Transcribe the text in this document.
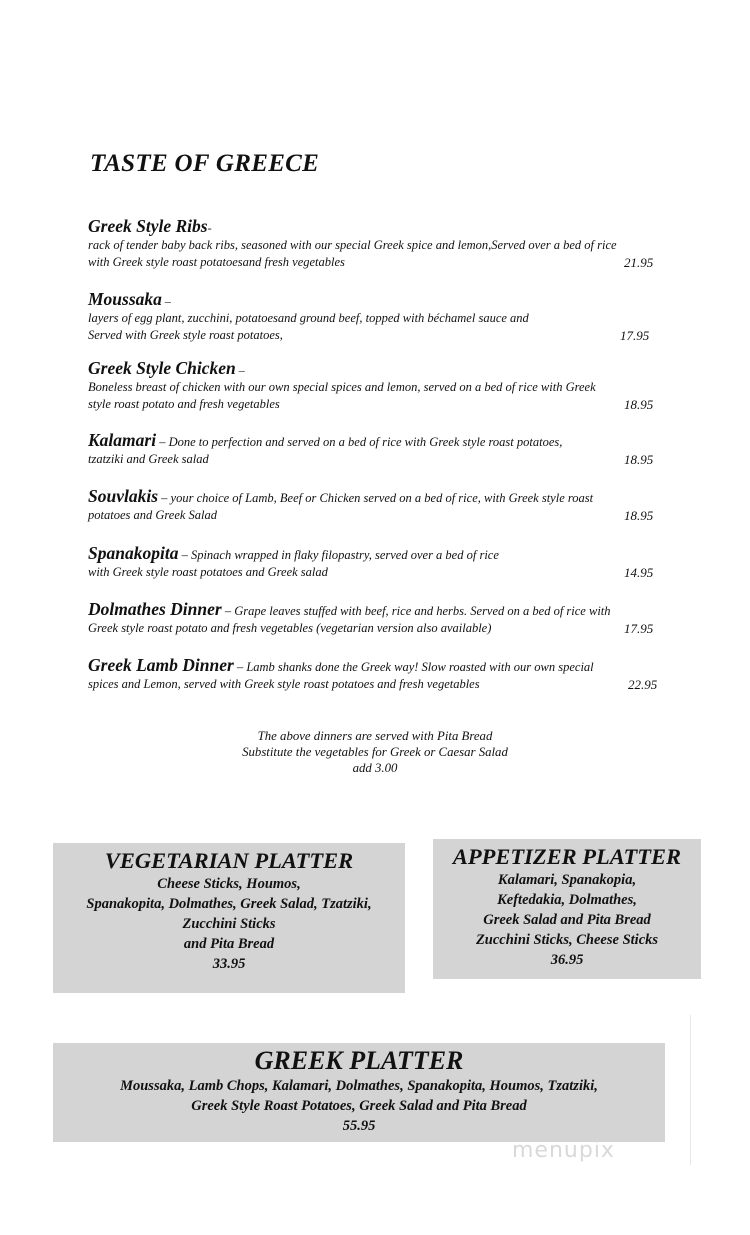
TASTE OF GREECE
Greek Style Ribs-
rack of tender baby back ribs, seasoned with our special Greek spice and lemon,Served over a bed of rice
with Greek style roast potatoesand fresh vegetables	21.95
Moussaka –
layers of egg plant, zucchini, potatoesand ground beef, topped with béchamel sauce and
Served with Greek style roast potatoes,	17.95
Greek Style Chicken –
Boneless breast of chicken with our own special spices and lemon, served on a bed of rice with Greek
style roast potato and fresh vegetables	18.95
Kalamari – Done to perfection and served on a bed of rice with Greek style roast potatoes,
tzatziki and Greek salad	18.95
Souvlakis – your choice of Lamb, Beef or Chicken served on a bed of rice, with Greek style roast
potatoes and Greek Salad	18.95
Spanakopita – Spinach wrapped in flaky filopastry, served over a bed of rice
with Greek style roast potatoes and Greek salad	14.95
Dolmathes Dinner – Grape leaves stuffed with beef, rice and herbs. Served on a bed of rice with
Greek style roast potato and fresh vegetables (vegetarian version also available)	17.95
Greek Lamb Dinner – Lamb shanks done the Greek way! Slow roasted with our own special
spices and Lemon, served with Greek style roast potatoes and fresh vegetables	22.95
The above dinners are served with Pita Bread
Substitute the vegetables for Greek or Caesar Salad
add 3.00
VEGETARIAN PLATTER
Cheese Sticks, Houmos,
Spanakopita, Dolmathes, Greek Salad, Tzatziki,
Zucchini Sticks
and Pita Bread
33.95
APPETIZER PLATTER
Kalamari, Spanakopia,
Keftedakia, Dolmathes,
Greek Salad and Pita Bread
Zucchini Sticks, Cheese Sticks
36.95
GREEK PLATTER
Moussaka, Lamb Chops, Kalamari, Dolmathes, Spanakopita, Houmos, Tzatziki,
Greek Style Roast Potatoes, Greek Salad and Pita Bread
55.95
menupix
